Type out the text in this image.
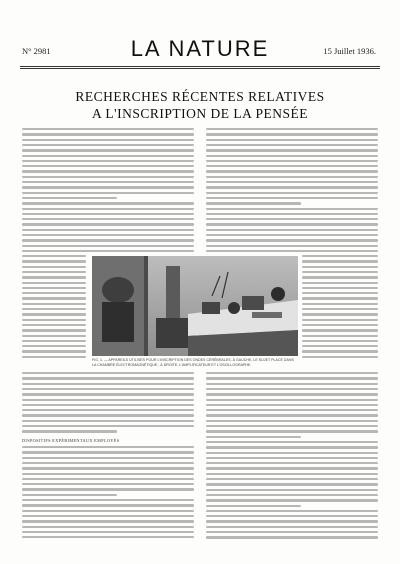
N° 2981	LA NATURE	15 Juillet 1936.
RECHERCHES RÉCENTES RELATIVES
A L'INSCRIPTION DE LA PENSÉE
FIG. 1. — APPAREILS UTILISÉS POUR L'INSCRIPTION DES ONDES CÉRÉBRALES. À GAUCHE, LE SUJET PLACÉ DANS LA CHAMBRE ÉLECTROMAGNÉTIQUE ; À DROITE, L'AMPLIFICATEUR ET L'OSCILLOGRAPHE.
DISPOSITIFS EXPÉRIMENTAUX EMPLOYÉS
